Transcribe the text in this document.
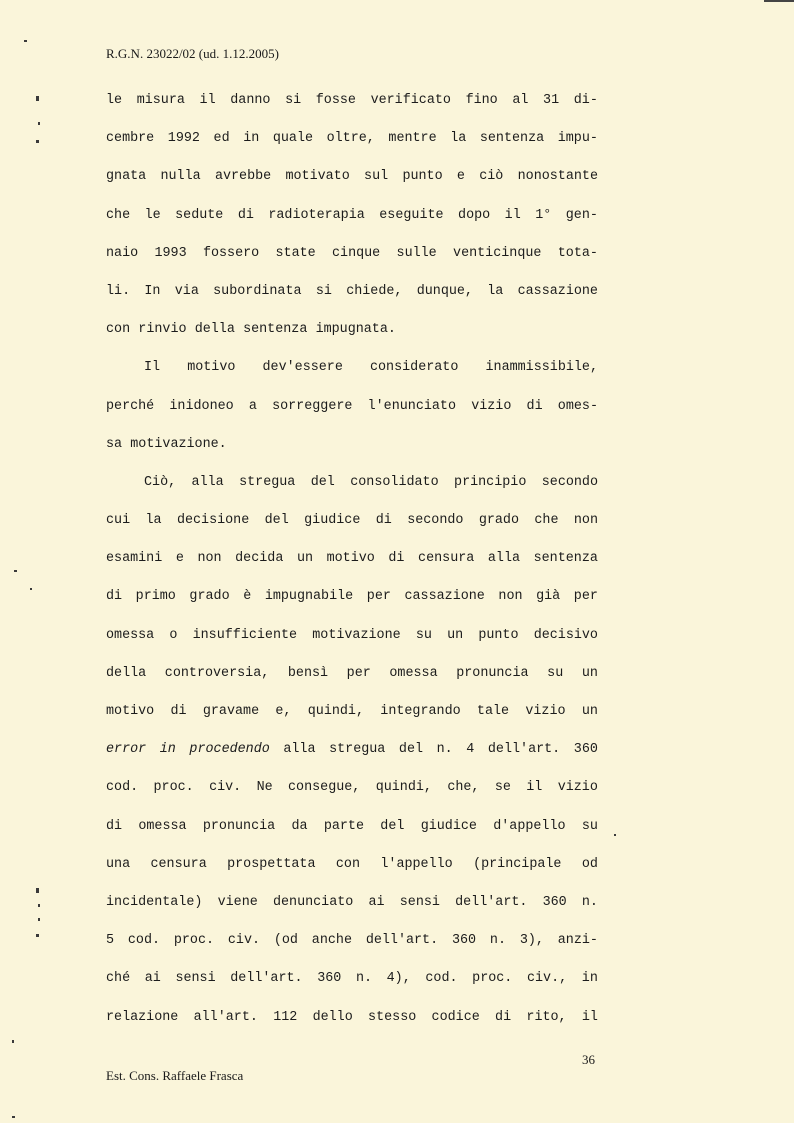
R.G.N. 23022/02 (ud. 1.12.2005)
le misura il danno si fosse verificato fino al 31 di-
cembre 1992 ed in quale oltre, mentre la sentenza impu-
gnata nulla avrebbe motivato sul punto e ciò nonostante
che le sedute di radioterapia eseguite dopo il 1° gen-
naio 1993 fossero state cinque sulle venticinque tota-
li. In via subordinata si chiede, dunque, la cassazione
con rinvio della sentenza impugnata.
Il motivo dev'essere considerato inammissibile,
perché inidoneo a sorreggere l'enunciato vizio di omes-
sa motivazione.
Ciò, alla stregua del consolidato principio secondo
cui la decisione del giudice di secondo grado che non
esamini e non decida un motivo di censura alla sentenza
di primo grado è impugnabile per cassazione non già per
omessa o insufficiente motivazione su un punto decisivo
della controversia, bensì per omessa pronuncia su un
motivo di gravame e, quindi, integrando tale vizio un
error in procedendo alla stregua del n. 4 dell'art. 360
cod. proc. civ. Ne consegue, quindi, che, se il vizio
di omessa pronuncia da parte del giudice d'appello su
una censura prospettata con l'appello (principale od
incidentale) viene denunciato ai sensi dell'art. 360 n.
5 cod. proc. civ. (od anche dell'art. 360 n. 3), anzi-
ché ai sensi dell'art. 360 n. 4), cod. proc. civ., in
relazione all'art. 112 dello stesso codice di rito, il
36
Est. Cons. Raffaele Frasca
